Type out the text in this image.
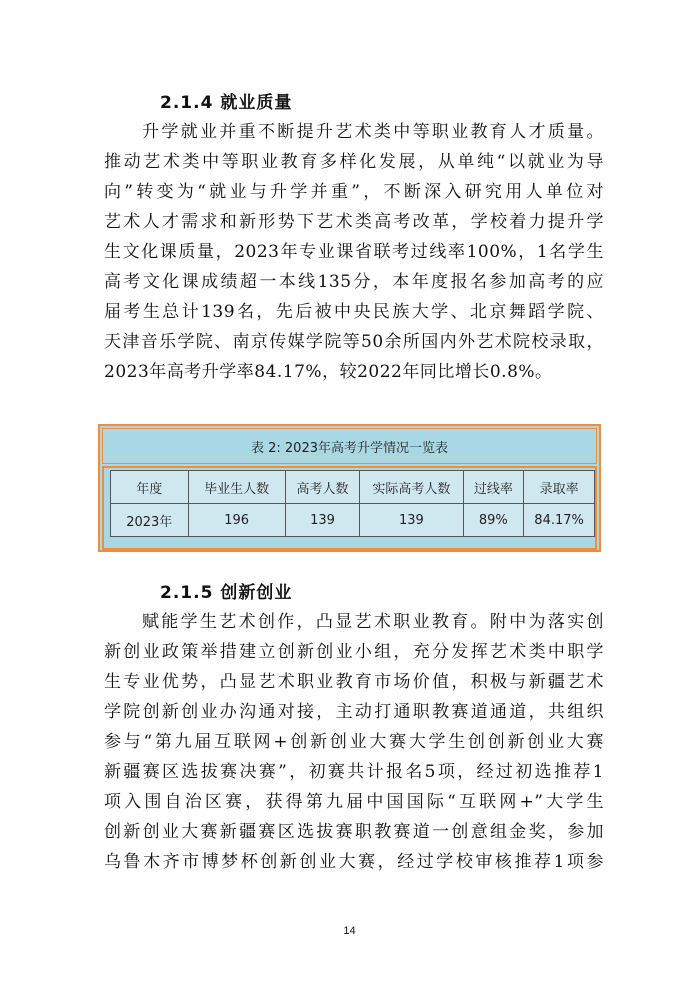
2.1.4 就业质量
升学就业并重不断提升艺术类中等职业教育人才质量。
推动艺术类中等职业教育多样化发展，从单纯“以就业为导
向”转变为“就业与升学并重”，不断深入研究用人单位对
艺术人才需求和新形势下艺术类高考改革，学校着力提升学
生文化课质量，2023年专业课省联考过线率100%，1名学生
高考文化课成绩超一本线135分，本年度报名参加高考的应
届考生总计139名，先后被中央民族大学、北京舞蹈学院、
天津音乐学院、南京传媒学院等50余所国内外艺术院校录取，
2023年高考升学率84.17%，较2022年同比增长0.8%。
表 2: 2023年高考升学情况一览表
年度	毕业生人数	高考人数	实际高考人数	过线率	录取率
2023年	196	139	139	89%	84.17%
2.1.5 创新创业
赋能学生艺术创作，凸显艺术职业教育。附中为落实创
新创业政策举措建立创新创业小组，充分发挥艺术类中职学
生专业优势，凸显艺术职业教育市场价值，积极与新疆艺术
学院创新创业办沟通对接，主动打通职教赛道通道，共组织
参与“第九届互联网+创新创业大赛大学生创创新创业大赛
新疆赛区选拔赛决赛”，初赛共计报名5项，经过初选推荐1
项入围自治区赛，获得第九届中国国际“互联网+”大学生
创新创业大赛新疆赛区选拔赛职教赛道一创意组金奖，参加
乌鲁木齐市博梦杯创新创业大赛，经过学校审核推荐1项参
14
